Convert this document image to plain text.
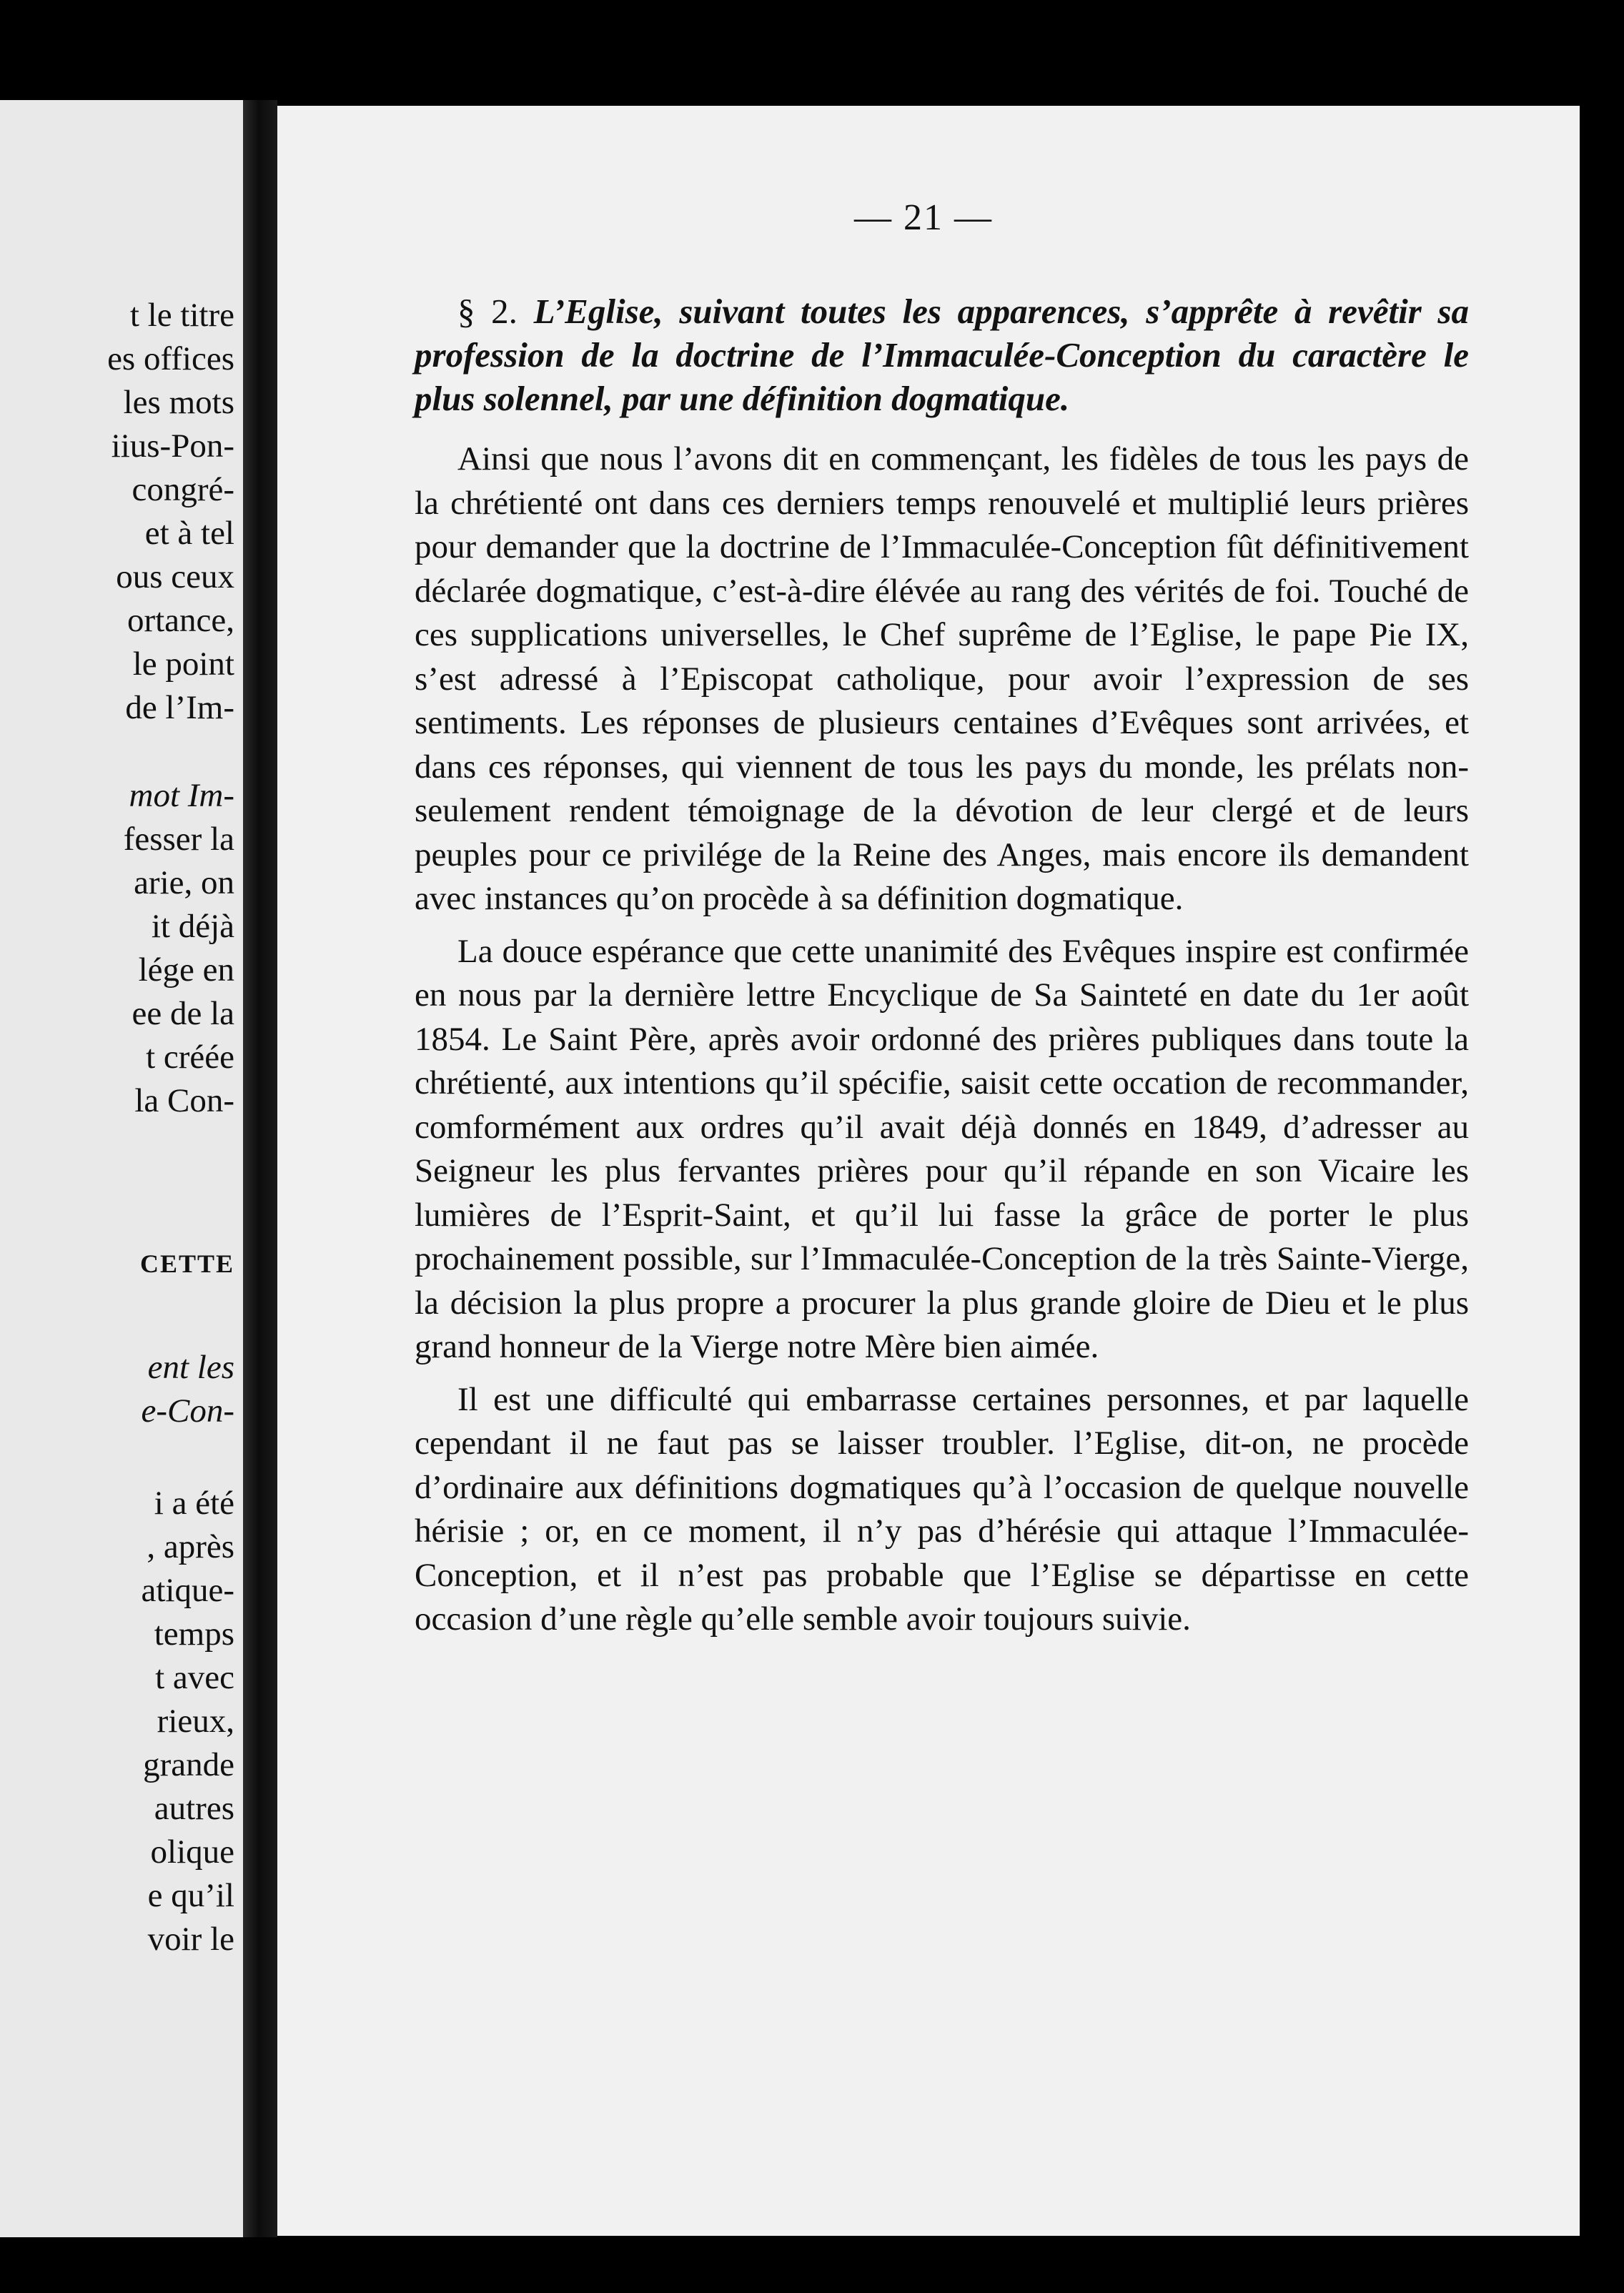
t le titre
es offices
les mots
iius-Pon-
congré-
et à tel
ous ceux
ortance,
le point
de l’Im-
mot Im-
fesser la
arie, on
it déjà
lége en
ee de la
t créée
la Con-
CETTE
ent les
e-Con-
i a été
, après
atique-
temps
t avec
rieux,
grande
autres
olique
e qu’il
voir le
— 21 —

§ 2. L’Eglise, suivant toutes les apparences, s’apprête à revêtir sa profession de la doctrine de l’Immaculée-Conception du caractère le plus solennel, par une définition dogmatique.

Ainsi que nous l’avons dit en commençant, les fidèles de tous les pays de la chrétienté ont dans ces derniers temps renouvelé et multiplié leurs prières pour demander que la doctrine de l’Immaculée-Conception fût définitivement déclarée dogmatique, c’est-à-dire élévée au rang des vérités de foi. Touché de ces supplications universelles, le Chef suprême de l’Eglise, le pape Pie IX, s’est adressé à l’Episcopat catholique, pour avoir l’expression de ses sentiments. Les réponses de plusieurs centaines d’Evêques sont arrivées, et dans ces réponses, qui viennent de tous les pays du monde, les prélats non-seulement rendent témoignage de la dévotion de leur clergé et de leurs peuples pour ce privilége de la Reine des Anges, mais encore ils demandent avec instances qu’on procède à sa définition dogmatique.

La douce espérance que cette unanimité des Evêques inspire est confirmée en nous par la dernière lettre Encyclique de Sa Sainteté en date du 1er août 1854. Le Saint Père, après avoir ordonné des prières publiques dans toute la chrétienté, aux intentions qu’il spécifie, saisit cette occation de recommander, comformément aux ordres qu’il avait déjà donnés en 1849, d’adresser au Seigneur les plus fervantes prières pour qu’il répande en son Vicaire les lumières de l’Esprit-Saint, et qu’il lui fasse la grâce de porter le plus prochainement possible, sur l’Immaculée-Conception de la très Sainte-Vierge, la décision la plus propre a procurer la plus grande gloire de Dieu et le plus grand honneur de la Vierge notre Mère bien aimée.

Il est une difficulté qui embarrasse certaines personnes, et par laquelle cependant il ne faut pas se laisser troubler. l’Eglise, dit-on, ne procède d’ordinaire aux définitions dogmatiques qu’à l’occasion de quelque nouvelle hérisie ; or, en ce moment, il n’y pas d’hérésie qui attaque l’Immaculée-Conception, et il n’est pas probable que l’Eglise se départisse en cette occasion d’une règle qu’elle semble avoir toujours suivie.
